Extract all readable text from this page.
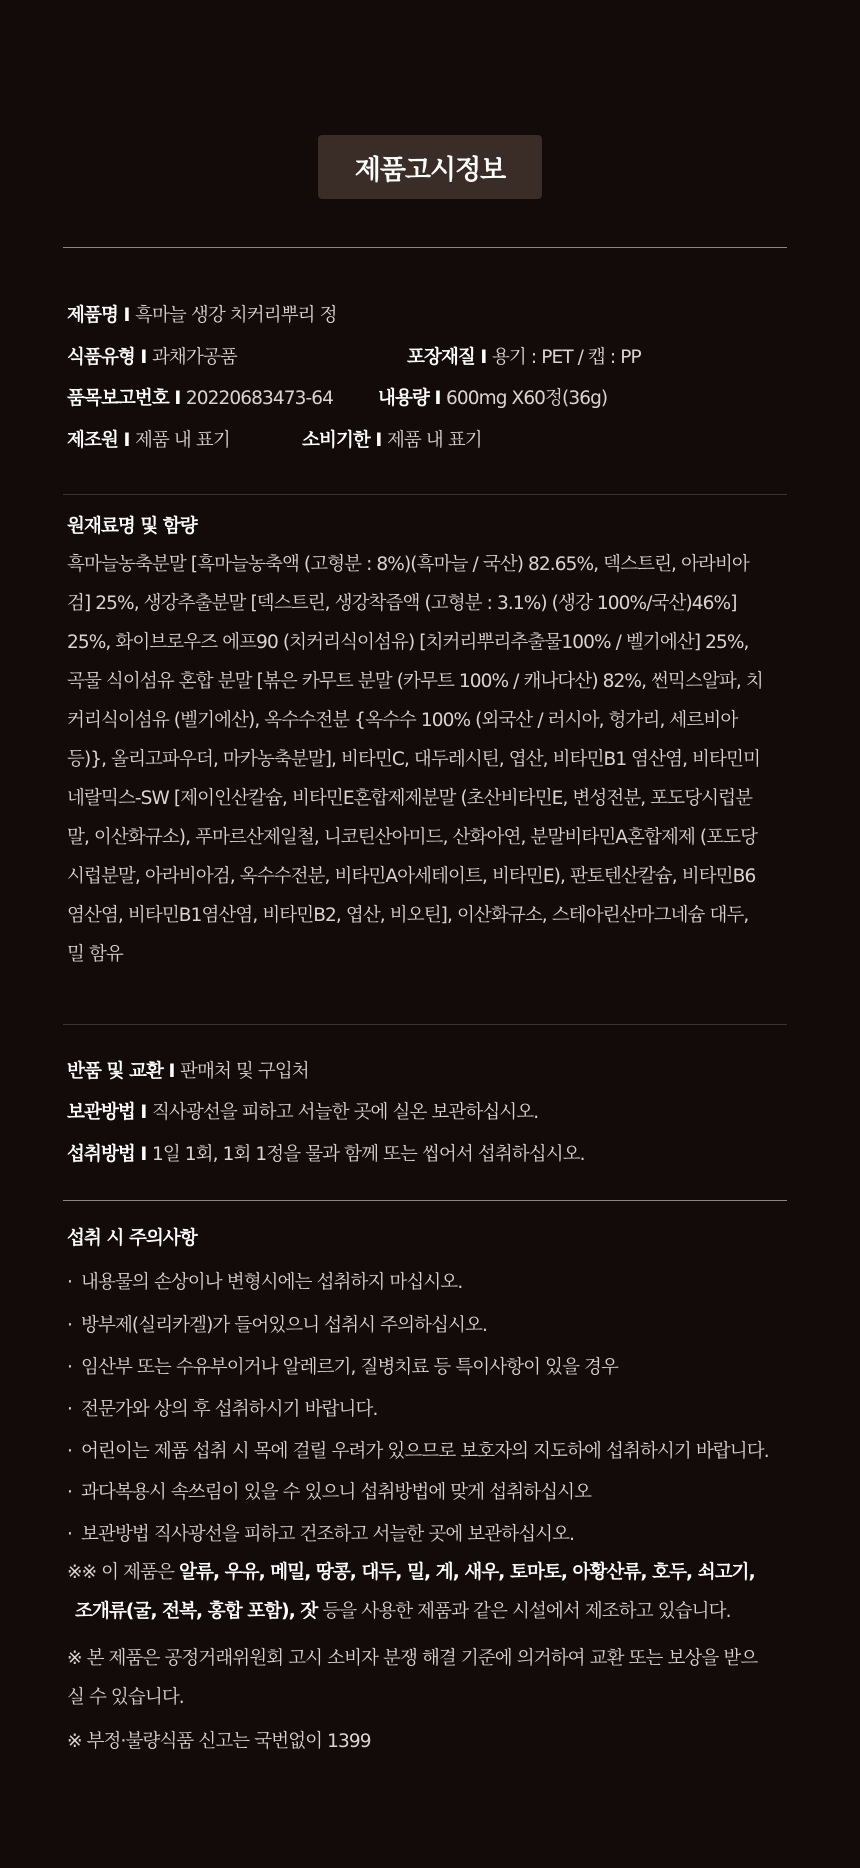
제품고시정보
제품명 I 흑마늘 생강 치커리뿌리 정
식품유형 I 과채가공품	포장재질 I 용기 : PET / 캡 : PP
품목보고번호 I 20220683473-64 내용량 I 600mg X60정(36g)
제조원 I 제품 내 표기	소비기한 I 제품 내 표기
원재료명 및 함량
흑마늘농축분말 [흑마늘농축액 (고형분 : 8%)(흑마늘 / 국산) 82.65%, 덱스트린, 아라비아
검] 25%, 생강추출분말 [덱스트린, 생강착즙액 (고형분 : 3.1%) (생강 100%/국산)46%]
25%, 화이브로우즈 에프90 (치커리식이섬유) [치커리뿌리추출물100% / 벨기에산] 25%,
곡물 식이섬유 혼합 분말 [볶은 카무트 분말 (카무트 100% / 캐나다산) 82%, 썬믹스알파, 치
커리식이섬유 (벨기에산), 옥수수전분 {옥수수 100% (외국산 / 러시아, 헝가리, 세르비아
등)}, 올리고파우더, 마카농축분말], 비타민C, 대두레시틴, 엽산, 비타민B1 염산염, 비타민미
네랄믹스-SW [제이인산칼슘, 비타민E혼합제제분말 (초산비타민E, 변성전분, 포도당시럽분
말, 이산화규소), 푸마르산제일철, 니코틴산아미드, 산화아연, 분말비타민A혼합제제 (포도당
시럽분말, 아라비아검, 옥수수전분, 비타민A아세테이트, 비타민E), 판토텐산칼슘, 비타민B6
염산염, 비타민B1염산염, 비타민B2, 엽산, 비오틴], 이산화규소, 스테아린산마그네슘 대두,
밀 함유
반품 및 교환 I 판매처 및 구입처
보관방법 I 직사광선을 피하고 서늘한 곳에 실온 보관하십시오.
섭취방법 I 1일 1회, 1회 1정을 물과 함께 또는 씹어서 섭취하십시오.
섭취 시 주의사항
· 내용물의 손상이나 변형시에는 섭취하지 마십시오.
· 방부제(실리카겔)가 들어있으니 섭취시 주의하십시오.
· 임산부 또는 수유부이거나 알레르기, 질병치료 등 특이사항이 있을 경우
· 전문가와 상의 후 섭취하시기 바랍니다.
· 어린이는 제품 섭취 시 목에 걸릴 우려가 있으므로 보호자의 지도하에 섭취하시기 바랍니다.
· 과다복용시 속쓰림이 있을 수 있으니 섭취방법에 맞게 섭취하십시오
· 보관방법 직사광선을 피하고 건조하고 서늘한 곳에 보관하십시오.
※※ 이 제품은 알류, 우유, 메밀, 땅콩, 대두, 밀, 게, 새우, 토마토, 아황산류, 호두, 쇠고기,
조개류(굴, 전복, 홍합 포함), 잣 등을 사용한 제품과 같은 시설에서 제조하고 있습니다.
※ 본 제품은 공정거래위원회 고시 소비자 분쟁 해결 기준에 의거하여 교환 또는 보상을 받으
실 수 있습니다.
※ 부정·불량식품 신고는 국번없이 1399
